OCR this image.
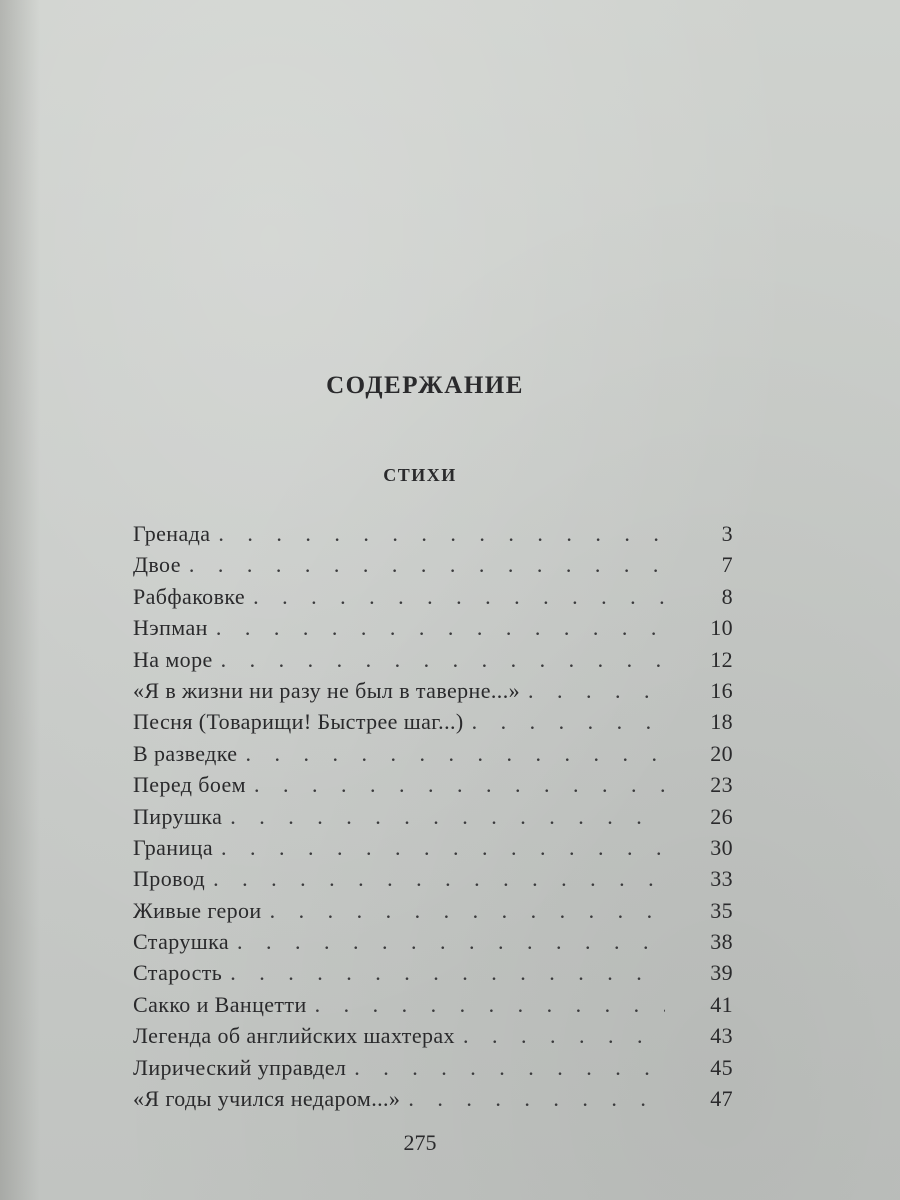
СОДЕРЖАНИЕ
СТИХИ
Гренада . . .	3
Двое . . .	7
Рабфаковке . . .	8
Нэпман . . .	10
На море . . .	12
«Я в жизни ни разу не был в таверне...» . . .	16
Песня (Товарищи! Быстрее шаг...) . . .	18
В разведке . . .	20
Перед боем . . .	23
Пирушка . . .	26
Граница . . .	30
Провод . . .	33
Живые герои . . .	35
Старушка . . .	38
Старость . . .	39
Сакко и Ванцетти . . .	41
Легенда об английских шахтерах . . .	43
Лирический управдел . . .	45
«Я годы учился недаром...» . . .	47
275
